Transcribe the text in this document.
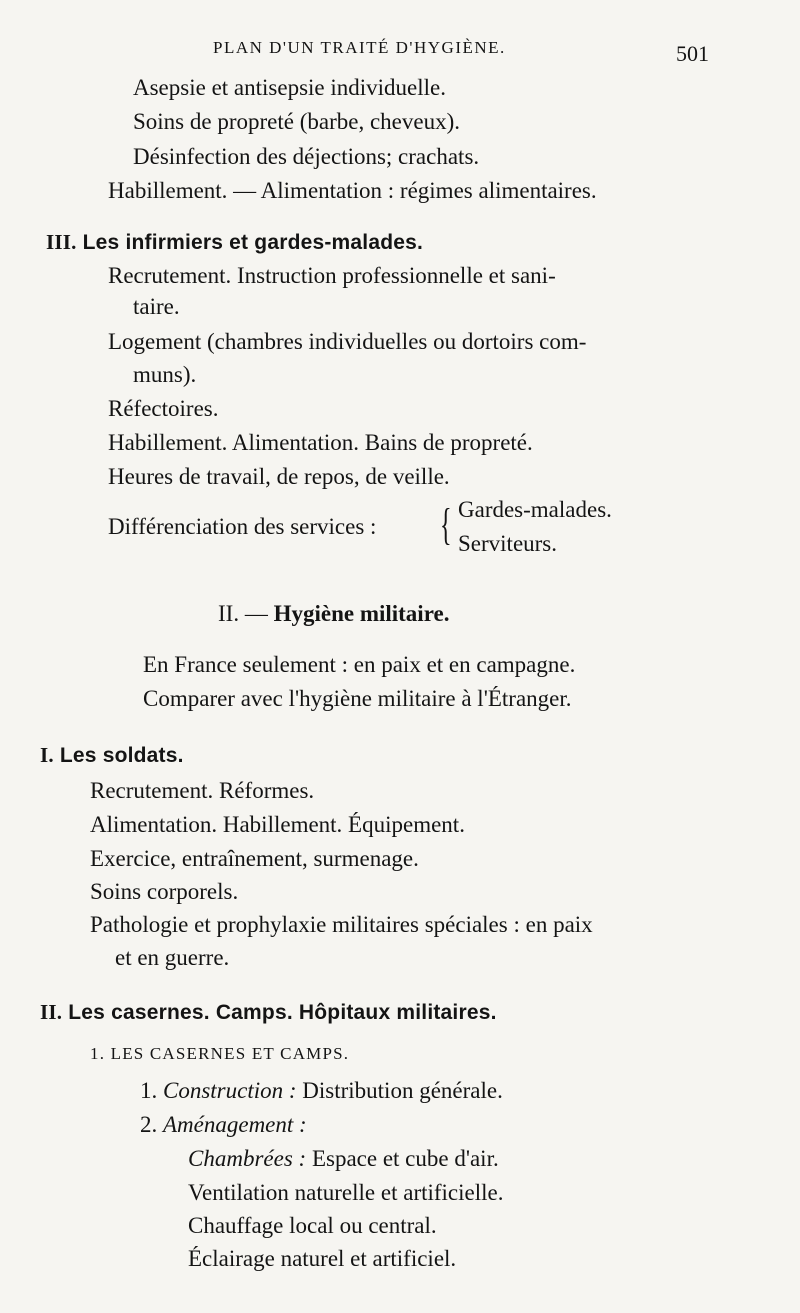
PLAN D'UN TRAITÉ D'HYGIÈNE.	501
Asepsie et antisepsie individuelle.
Soins de propreté (barbe, cheveux).
Désinfection des déjections; crachats.
Habillement. — Alimentation : régimes alimentaires.
III. Les infirmiers et gardes-malades.
Recrutement. Instruction professionnelle et sani-
taire.
Logement (chambres individuelles ou dortoirs com-
muns).
Réfectoires.
Habillement. Alimentation. Bains de propreté.
Heures de travail, de repos, de veille.
Différenciation des services : { Gardes-malades.
Serviteurs.
II. — Hygiène militaire.
En France seulement : en paix et en campagne.
Comparer avec l'hygiène militaire à l'Étranger.
I. Les soldats.
Recrutement. Réformes.
Alimentation. Habillement. Équipement.
Exercice, entraînement, surmenage.
Soins corporels.
Pathologie et prophylaxie militaires spéciales : en paix
et en guerre.
II. Les casernes. Camps. Hôpitaux militaires.
1. LES CASERNES ET CAMPS.
1. Construction : Distribution générale.
2. Aménagement :
Chambrées : Espace et cube d'air.
Ventilation naturelle et artificielle.
Chauffage local ou central.
Éclairage naturel et artificiel.
